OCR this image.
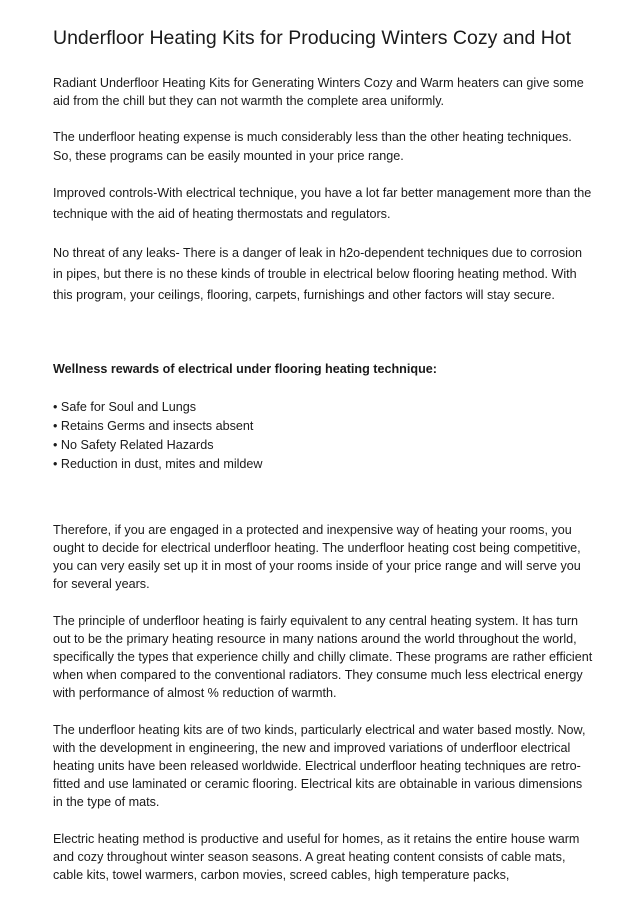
Underfloor Heating Kits for Producing Winters Cozy and Hot

Radiant Underfloor Heating Kits for Generating Winters Cozy and Warm heaters can give some aid from the chill but they can not warmth the complete area uniformly.

The underfloor heating expense is much considerably less than the other heating techniques. So, these programs can be easily mounted in your price range.

Improved controls-With electrical technique, you have a lot far better management more than the technique with the aid of heating thermostats and regulators.

No threat of any leaks- There is a danger of leak in h2o-dependent techniques due to corrosion in pipes, but there is no these kinds of trouble in electrical below flooring heating method. With this program, your ceilings, flooring, carpets, furnishings and other factors will stay secure.

Wellness rewards of electrical under flooring heating technique:
• Safe for Soul and Lungs
• Retains Germs and insects absent
• No Safety Related Hazards
• Reduction in dust, mites and mildew

Therefore, if you are engaged in a protected and inexpensive way of heating your rooms, you ought to decide for electrical underfloor heating. The underfloor heating cost being competitive, you can very easily set up it in most of your rooms inside of your price range and will serve you for several years.

The principle of underfloor heating is fairly equivalent to any central heating system. It has turn out to be the primary heating resource in many nations around the world throughout the world, specifically the types that experience chilly and chilly climate. These programs are rather efficient when when compared to the conventional radiators. They consume much less electrical energy with performance of almost % reduction of warmth.

The underfloor heating kits are of two kinds, particularly electrical and water based mostly. Now, with the development in engineering, the new and improved variations of underfloor electrical heating units have been released worldwide. Electrical underfloor heating techniques are retro-fitted and use laminated or ceramic flooring. Electrical kits are obtainable in various dimensions in the type of mats.

Electric heating method is productive and useful for homes, as it retains the entire house warm and cozy throughout winter season seasons. A great heating content consists of cable mats, cable kits, towel warmers, carbon movies, screed cables, high temperature packs,
